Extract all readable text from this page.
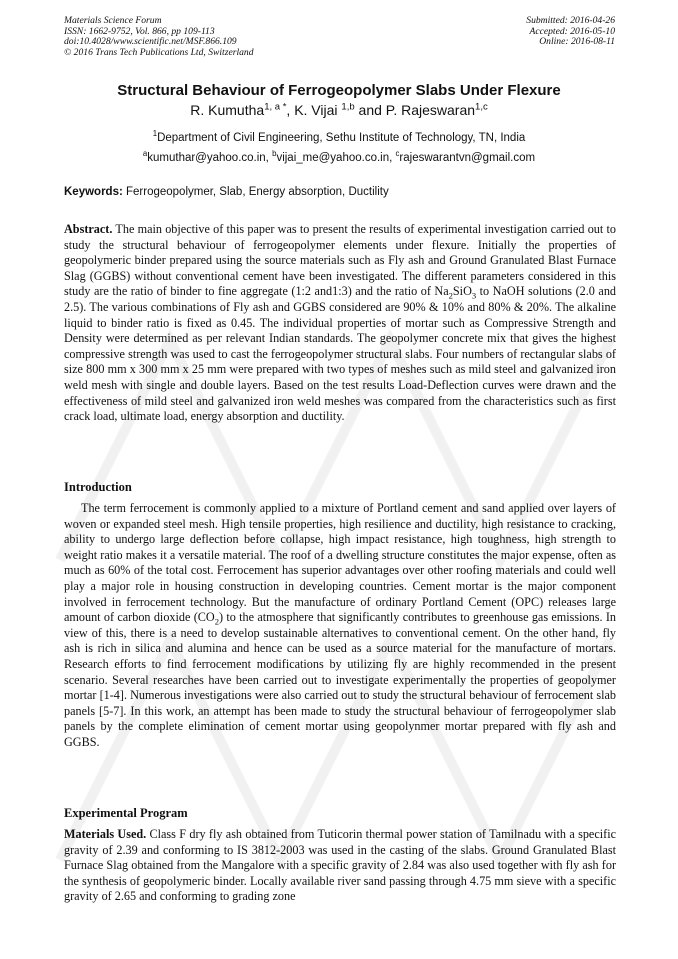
Materials Science Forum
ISSN: 1662-9752, Vol. 866, pp 109-113
doi:10.4028/www.scientific.net/MSF.866.109
© 2016 Trans Tech Publications Ltd, Switzerland
Submitted: 2016-04-26
Accepted: 2016-05-10
Online: 2016-08-11
Structural Behaviour of Ferrogeopolymer Slabs Under Flexure
R. Kumutha$^{1, a *}$, K. Vijai $^{1,b}$ and P. Rajeswaran$^{1,c}$
$^1$Department of Civil Engineering, Sethu Institute of Technology, TN, India
$^a$kumuthar@yahoo.co.in, $^b$vijai_me@yahoo.co.in, $^c$rajeswarantvn@gmail.com
Keywords: Ferrogeopolymer, Slab, Energy absorption, Ductility
Abstract. The main objective of this paper was to present the results of experimental investigation carried out to study the structural behaviour of ferrogeopolymer elements under flexure. Initially the properties of geopolymeric binder prepared using the source materials such as Fly ash and Ground Granulated Blast Furnace Slag (GGBS) without conventional cement have been investigated. The different parameters considered in this study are the ratio of binder to fine aggregate (1:2 and1:3) and the ratio of $Na_2SiO_3$ to NaOH solutions (2.0 and 2.5). The various combinations of Fly ash and GGBS considered are 90% & 10% and 80% & 20%. The alkaline liquid to binder ratio is fixed as 0.45. The individual properties of mortar such as Compressive Strength and Density were determined as per relevant Indian standards. The geopolymer concrete mix that gives the highest compressive strength was used to cast the ferrogeopolymer structural slabs. Four numbers of rectangular slabs of size 800 mm x 300 mm x 25 mm were prepared with two types of meshes such as mild steel and galvanized iron weld mesh with single and double layers. Based on the test results Load-Deflection curves were drawn and the effectiveness of mild steel and galvanized iron weld meshes was compared from the characteristics such as first crack load, ultimate load, energy absorption and ductility.
Introduction
The term ferrocement is commonly applied to a mixture of Portland cement and sand applied over layers of woven or expanded steel mesh. High tensile properties, high resilience and ductility, high resistance to cracking, ability to undergo large deflection before collapse, high impact resistance, high toughness, high strength to weight ratio makes it a versatile material. The roof of a dwelling structure constitutes the major expense, often as much as 60% of the total cost. Ferrocement has superior advantages over other roofing materials and could well play a major role in housing construction in developing countries. Cement mortar is the major component involved in ferrocement technology. But the manufacture of ordinary Portland Cement (OPC) releases large amount of carbon dioxide $(CO_2)$ to the atmosphere that significantly contributes to greenhouse gas emissions. In view of this, there is a need to develop sustainable alternatives to conventional cement. On the other hand, fly ash is rich in silica and alumina and hence can be used as a source material for the manufacture of mortars. Research efforts to find ferrocement modifications by utilizing fly are highly recommended in the present scenario. Several researches have been carried out to investigate experimentally the properties of geopolymer mortar [1-4]. Numerous investigations were also carried out to study the structural behaviour of ferrocement slab panels [5-7]. In this work, an attempt has been made to study the structural behaviour of ferrogeopolymer slab panels by the complete elimination of cement mortar using geopolynmer mortar prepared with fly ash and GGBS.
Experimental Program
Materials Used. Class F dry fly ash obtained from Tuticorin thermal power station of Tamilnadu with a specific gravity of 2.39 and conforming to IS 3812-2003 was used in the casting of the slabs. Ground Granulated Blast Furnace Slag obtained from the Mangalore with a specific gravity of 2.84 was also used together with fly ash for the synthesis of geopolymeric binder. Locally available river sand passing through 4.75 mm sieve with a specific gravity of 2.65 and conforming to grading zone
